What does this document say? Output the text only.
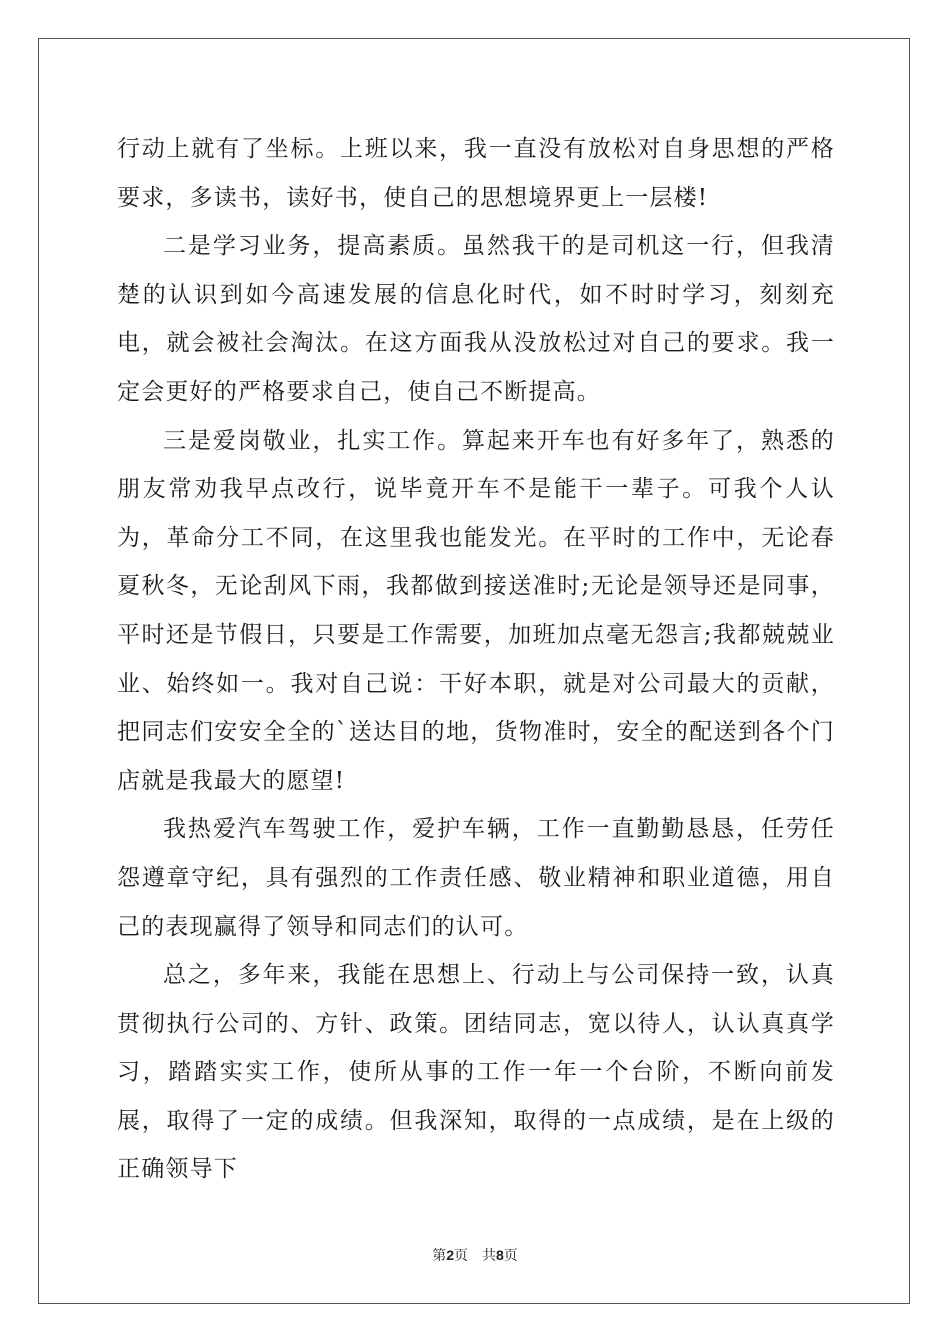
行动上就有了坐标。上班以来，我一直没有放松对自身思想的严格要求，多读书，读好书，使自己的思想境界更上一层楼!

二是学习业务，提高素质。虽然我干的是司机这一行，但我清楚的认识到如今高速发展的信息化时代，如不时时学习，刻刻充电，就会被社会淘汰。在这方面我从没放松过对自己的要求。我一定会更好的严格要求自己，使自己不断提高。

三是爱岗敬业，扎实工作。算起来开车也有好多年了，熟悉的朋友常劝我早点改行，说毕竟开车不是能干一辈子。可我个人认为，革命分工不同，在这里我也能发光。在平时的工作中，无论春夏秋冬，无论刮风下雨，我都做到接送准时;无论是领导还是同事，平时还是节假日，只要是工作需要，加班加点毫无怨言;我都兢兢业业、始终如一。我对自己说：干好本职，就是对公司最大的贡献，把同志们安安全全的`送达目的地，货物准时，安全的配送到各个门店就是我最大的愿望!

我热爱汽车驾驶工作，爱护车辆，工作一直勤勤恳恳，任劳任怨遵章守纪，具有强烈的工作责任感、敬业精神和职业道德，用自己的表现赢得了领导和同志们的认可。

总之，多年来，我能在思想上、行动上与公司保持一致，认真贯彻执行公司的、方针、政策。团结同志，宽以待人，认认真真学习，踏踏实实工作，使所从事的工作一年一个台阶，不断向前发展，取得了一定的成绩。但我深知，取得的一点成绩，是在上级的正确领导下

第2页 共8页
